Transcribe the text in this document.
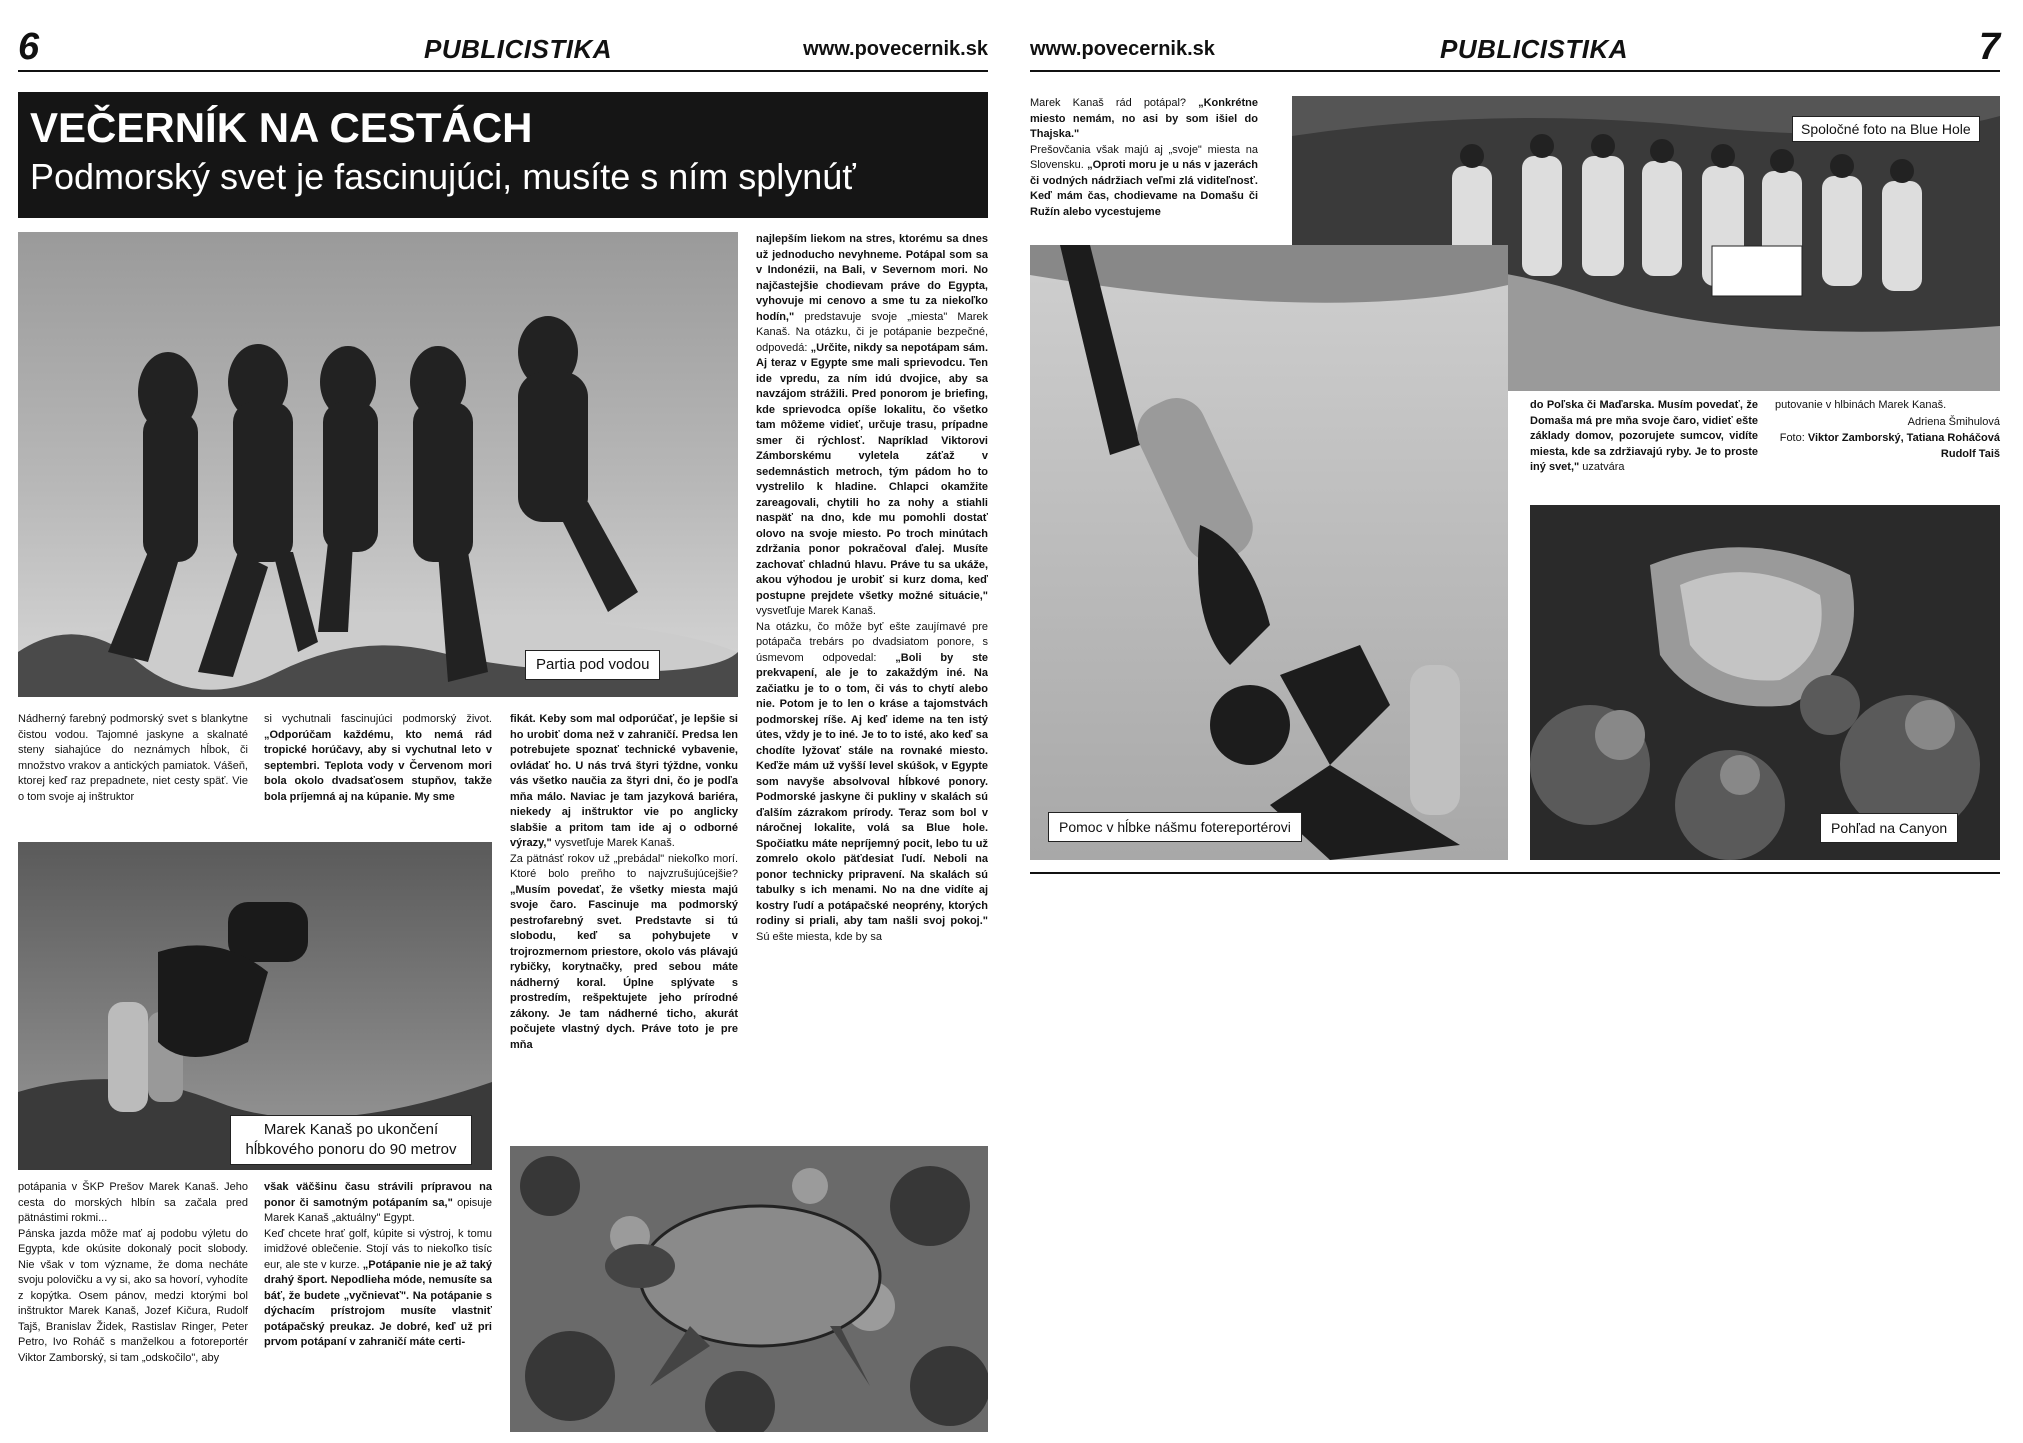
6	PUBLICISTIKA	www.povecernik.sk
VEČERNÍK NA CESTÁCH
Podmorský svet je fascinujúci, musíte s ním splynúť
Partia pod vodou

Nádherný farebný podmorský svet s blankytne čistou vodou. Tajomné jaskyne a skalnaté steny siahajúce do neznámych hĺbok, či množstvo vrakov a antických pamiatok. Vášeň, ktorej keď raz prepadnete, niet cesty späť. Vie o tom svoje aj inštruktor

si vychutnali fascinujúci podmorský život. „Odporúčam každému, kto nemá rád tropické horúčavy, aby si vychutnal leto v septembri. Teplota vody v Červenom mori bola okolo dvadsaťosem stupňov, takže bola príjemná aj na kúpanie. My sme

Marek Kanaš po ukončení
hĺbkového ponoru do 90 metrov

potápania v ŠKP Prešov Marek Kanaš. Jeho cesta do morských hlbín sa začala pred pätnástimi rokmi...

Pánska jazda môže mať aj podobu výletu do Egypta, kde okúsite dokonalý pocit slobody. Nie však v tom význame, že doma necháte svoju polovičku a vy si, ako sa hovorí, vyhodíte z kopýtka. Osem pánov, medzi ktorými bol inštruktor Marek Kanaš, Jozef Kičura, Rudolf Tajš, Branislav Židek, Rastislav Ringer, Peter Petro, Ivo Roháč s manželkou a fotoreportér Viktor Zamborský, si tam „odskočilo", aby

však väčšinu času strávili prípravou na ponor či samotným potápaním sa," opisuje Marek Kanaš „aktuálny" Egypt.

Keď chcete hrať golf, kúpite si výstroj, k tomu imidžové oblečenie. Stojí vás to niekoľko tisíc eur, ale ste v kurze. „Potápanie nie je až taký drahý šport. Nepodlieha móde, nemusíte sa báť, že budete „vyčnievať". Na potápanie s dýchacím prístrojom musíte vlastniť potápačský preukaz. Je dobré, keď už pri prvom potápaní v zahraničí máte certi-

fikát. Keby som mal odporúčať, je lepšie si ho urobiť doma než v zahraničí. Predsa len potrebujete spoznať technické vybavenie, ovládať ho. U nás trvá štyri týždne, vonku vás všetko naučia za štyri dni, čo je podľa mňa málo. Naviac je tam jazyková bariéra, niekedy aj inštruktor vie po anglicky slabšie a pritom tam ide aj o odborné výrazy," vysvetľuje Marek Kanaš.

Za pätnásť rokov už „prebádal" niekoľko morí. Ktoré bolo preňho to najvzrušujúcejšie? „Musím povedať, že všetky miesta majú svoje čaro. Fascinuje ma podmorský pestrofarebný svet. Predstavte si tú slobodu, keď sa pohybujete v trojrozmernom priestore, okolo vás plávajú rybičky, korytnačky, pred sebou máte nádherný koral. Úplne splývate s prostredím, rešpektujete jeho prírodné zákony. Je tam nádherné ticho, akurát počujete vlastný dych. Práve toto je pre mňa

najlepším liekom na stres, ktorému sa dnes už jednoducho nevyhneme. Potápal som sa v Indonézii, na Bali, v Severnom mori. No najčastejšie chodievam práve do Egypta, vyhovuje mi cenovo a sme tu za niekoľko hodín," predstavuje svoje „miesta" Marek Kanaš. Na otázku, či je potápanie bezpečné, odpovedá: „Určite, nikdy sa nepotápam sám. Aj teraz v Egypte sme mali sprievodcu. Ten ide vpredu, za ním idú dvojice, aby sa navzájom strážili. Pred ponorom je briefing, kde sprievodca opíše lokalitu, čo všetko tam môžeme vidieť, určuje trasu, prípadne smer či rýchlosť. Napríklad Viktorovi Zámborskému vyletela záťaž v sedemnástich metroch, tým pádom ho to vystrelilo k hladine. Chlapci okamžite zareagovali, chytili ho za nohy a stiahli naspäť na dno, kde mu pomohli dostať olovo na svoje miesto. Po troch minútach zdržania ponor pokračoval ďalej. Musíte zachovať chladnú hlavu. Práve tu sa ukáže, akou výhodou je urobiť si kurz doma, keď postupne prejdete všetky možné situácie," vysvetľuje Marek Kanaš.

Na otázku, čo môže byť ešte zaujímavé pre potápača trebárs po dvadsiatom ponore, s úsmevom odpovedal: „Boli by ste prekvapení, ale je to zakaždým iné. Na začiatku je to o tom, či vás to chytí alebo nie. Potom je to len o kráse a tajomstvách podmorskej ríše. Aj keď ideme na ten istý útes, vždy je to iné. Je to to isté, ako keď sa chodíte lyžovať stále na rovnaké miesto. Keďže mám už vyšší level skúšok, v Egypte som navyše absolvoval hĺbkové ponory. Podmorské jaskyne či pukliny v skalách sú ďalším zázrakom prírody. Teraz som bol v náročnej lokalite, volá sa Blue hole. Spočiatku máte nepríjemný pocit, lebo tu už zomrelo okolo päťdesiat ľudí. Neboli na ponor technicky pripravení. Na skalách sú tabulky s ich menami. No na dne vidíte aj kostry ľudí a potápačské neoprény, ktorých rodiny si priali, aby tam našli svoj pokoj." Sú ešte miesta, kde by sa

www.povecernik.sk	PUBLICISTIKA	7

Marek Kanaš rád potápal? „Konkrétne miesto nemám, no asi by som išiel do Thajska."

Prešovčania však majú aj „svoje" miesta na Slovensku. „Oproti moru je u nás v jazerách či vodných nádržiach veľmi zlá viditeľnosť. Keď mám čas, chodievame na Domašu či Ružín alebo vycestujeme

Spoločné foto na Blue Hole
Pomoc v hĺbke nášmu fotereportérovi

do Poľska či Maďarska. Musím povedať, že Domaša má pre mňa svoje čaro, vidieť ešte základy domov, pozorujete sumcov, vidíte miesta, kde sa zdržiavajú ryby. Je to proste iný svet," uzatvára

putovanie v hlbinách Marek Kanaš.

Adriena Šmihulová
Foto: Viktor Zamborský, Tatiana Roháčová
Rudolf Taiš
Pohľad na Canyon
